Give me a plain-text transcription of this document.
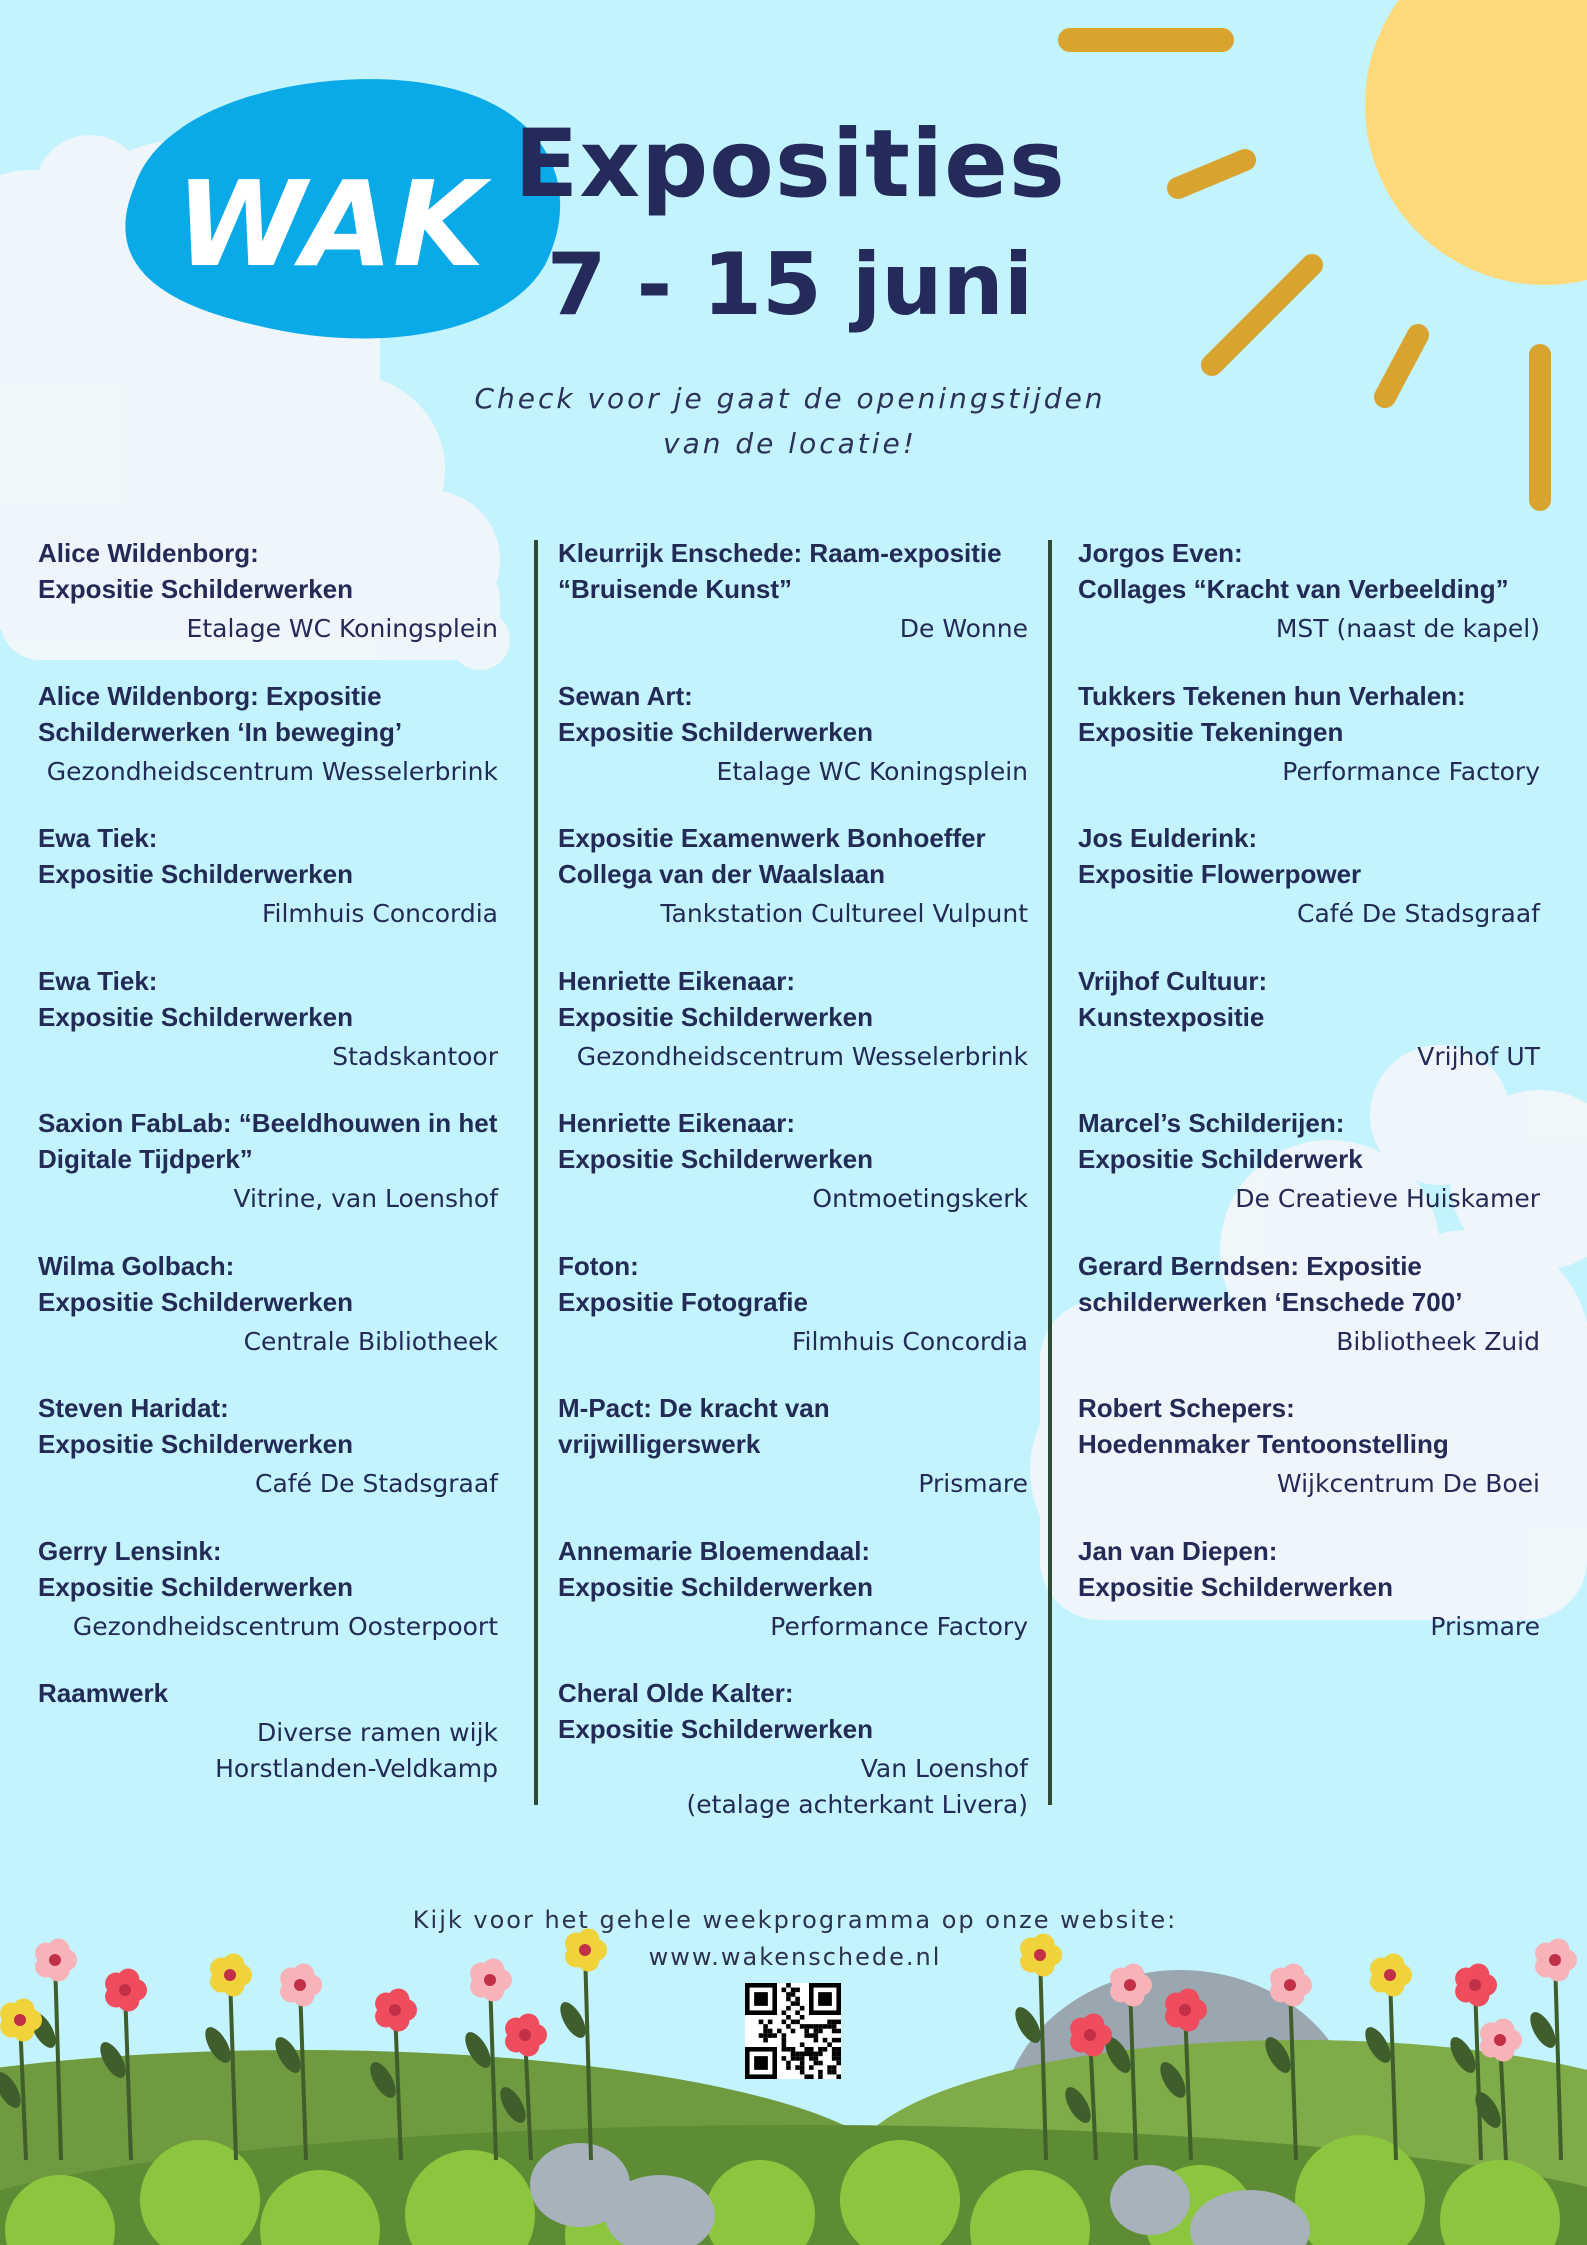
WAK Exposities
7 - 15 juni
Check voor je gaat de openingstijden
van de locatie!
Alice Wildenborg:
Expositie Schilderwerken
Etalage WC Koningsplein
Alice Wildenborg: Expositie
Schilderwerken ‘In beweging’
Gezondheidscentrum Wesselerbrink
Ewa Tiek:
Expositie Schilderwerken
Filmhuis Concordia
Ewa Tiek:
Expositie Schilderwerken
Stadskantoor
Saxion FabLab: “Beeldhouwen in het
Digitale Tijdperk”
Vitrine, van Loenshof
Wilma Golbach:
Expositie Schilderwerken
Centrale Bibliotheek
Steven Haridat:
Expositie Schilderwerken
Café De Stadsgraaf
Gerry Lensink:
Expositie Schilderwerken
Gezondheidscentrum Oosterpoort
Raamwerk
Diverse ramen wijk
Horstlanden-Veldkamp
Kleurrijk Enschede: Raam-expositie
“Bruisende Kunst”
De Wonne
Sewan Art:
Expositie Schilderwerken
Etalage WC Koningsplein
Expositie Examenwerk Bonhoeffer
Collega van der Waalslaan
Tankstation Cultureel Vulpunt
Henriette Eikenaar:
Expositie Schilderwerken
Gezondheidscentrum Wesselerbrink
Henriette Eikenaar:
Expositie Schilderwerken
Ontmoetingskerk
Foton:
Expositie Fotografie
Filmhuis Concordia
M-Pact: De kracht van
vrijwilligerswerk
Prismare
Annemarie Bloemendaal:
Expositie Schilderwerken
Performance Factory
Cheral Olde Kalter:
Expositie Schilderwerken
Van Loenshof
(etalage achterkant Livera)
Jorgos Even:
Collages “Kracht van Verbeelding”
MST (naast de kapel)
Tukkers Tekenen hun Verhalen:
Expositie Tekeningen
Performance Factory
Jos Eulderink:
Expositie Flowerpower
Café De Stadsgraaf
Vrijhof Cultuur:
Kunstexpositie
Vrijhof UT
Marcel’s Schilderijen:
Expositie Schilderwerk
De Creatieve Huiskamer
Gerard Berndsen: Expositie
schilderwerken ‘Enschede 700’
Bibliotheek Zuid
Robert Schepers:
Hoedenmaker Tentoonstelling
Wijkcentrum De Boei
Jan van Diepen:
Expositie Schilderwerken
Prismare
Kijk voor het gehele weekprogramma op onze website:
www.wakenschede.nl
